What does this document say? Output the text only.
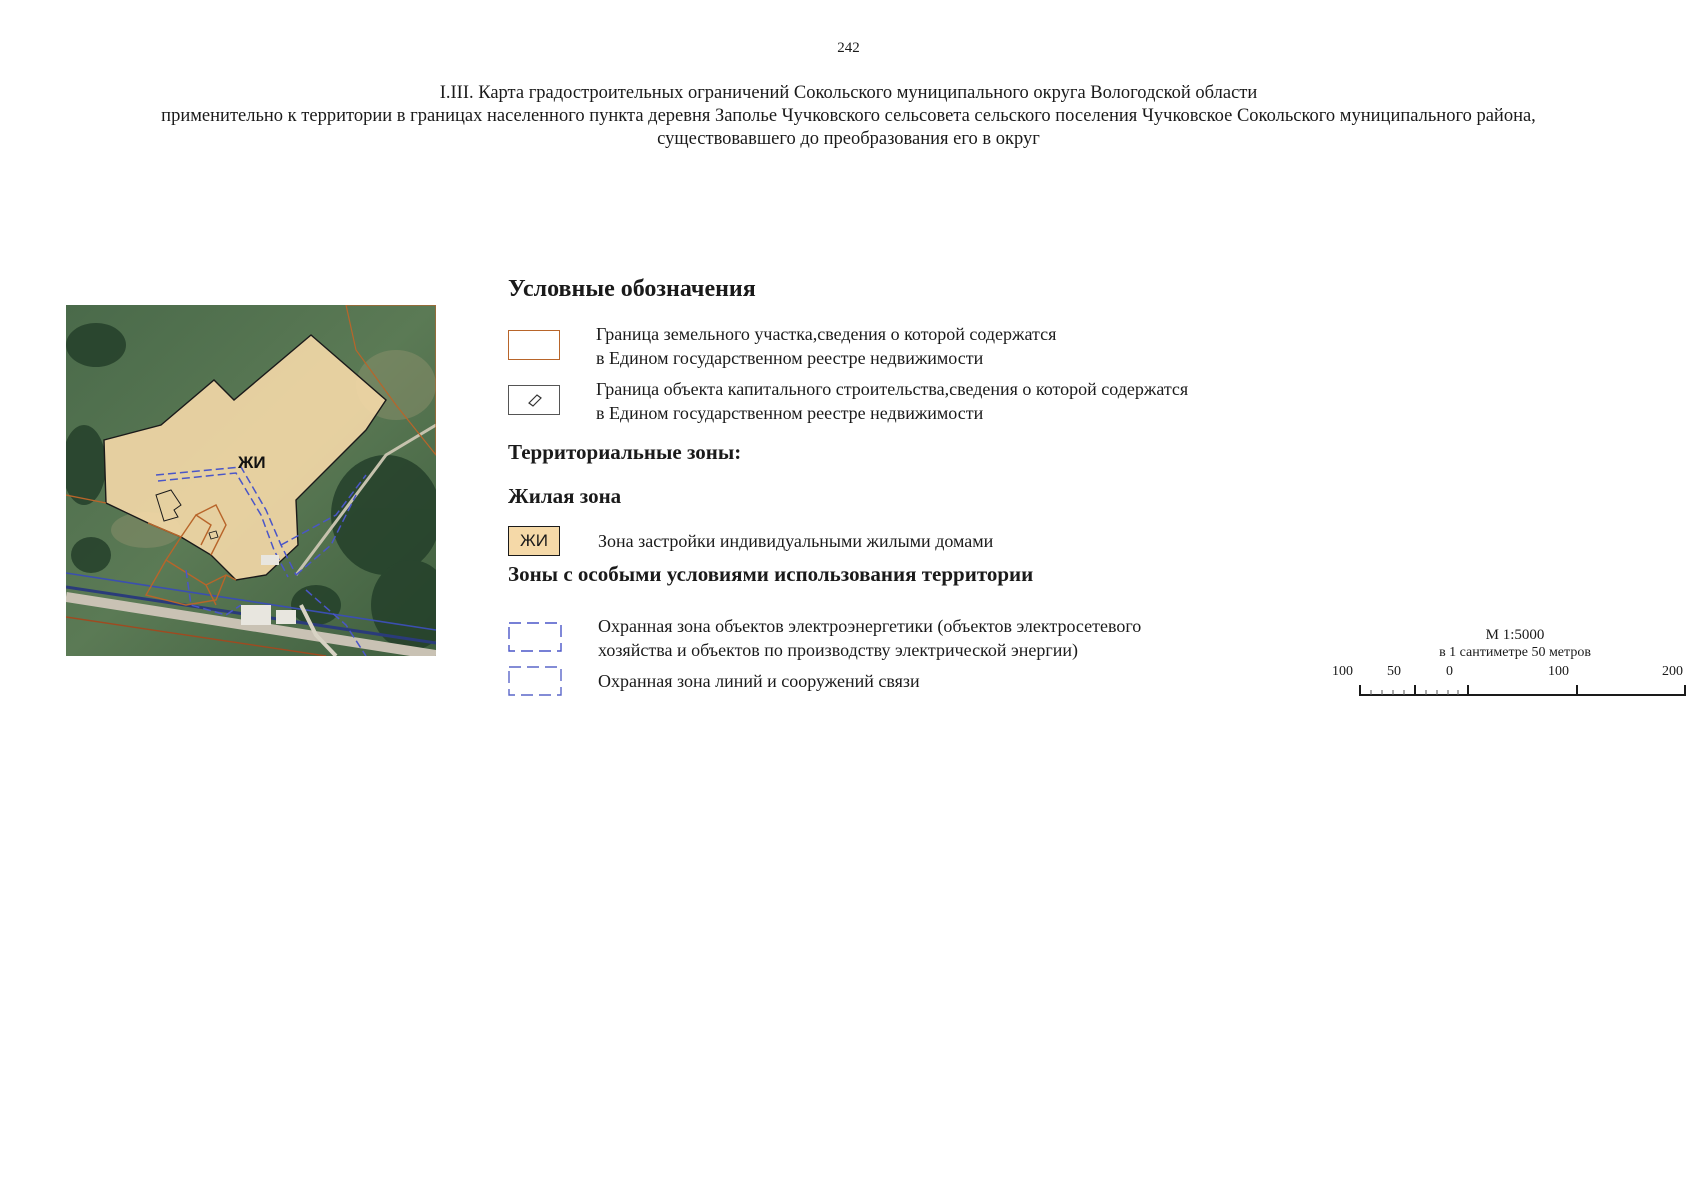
242
I.III. Карта градостроительных ограничений Сокольского муниципального округа Вологодской области
применительно к территории в границах населенного пункта деревня Заполье Чучковского сельсовета сельского поселения Чучковское Сокольского муниципального района,
существовавшего до преобразования его в округ
ЖИ
Условные обозначения
Граница земельного участка,сведения о которой содержатся
в Едином государственном реестре недвижимости
Граница объекта капитального строительства,сведения о которой содержатся
в Едином государственном реестре недвижимости
Территориальные зоны:
Жилая зона
ЖИ	Зона застройки индивидуальными жилыми домами
Зоны с особыми условиями использования территории
Охранная зона объектов электроэнергетики (объектов электросетевого
хозяйства и объектов по производству электрической энергии)
Охранная зона линий и сооружений связи
М 1:5000
в 1 сантиметре 50 метров
100 50	0	100	200
